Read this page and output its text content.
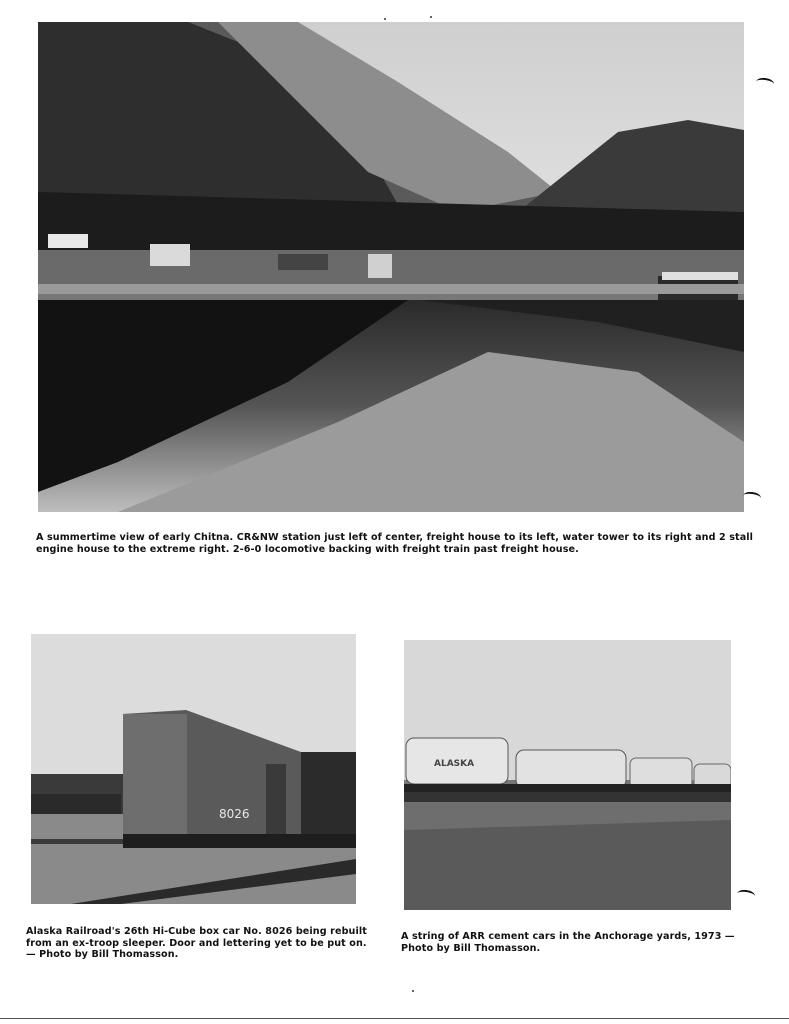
A summertime view of early Chitna. CR&NW station just left of center, freight house to its left, water tower to its right and 2 stall
engine house to the extreme right. 2-6-0 locomotive backing with freight train past freight house.
8026
Alaska Railroad's 26th Hi-Cube box car No. 8026 being rebuilt
from an ex-troop sleeper. Door and lettering yet to be put on.
— Photo by Bill Thomasson.
ALASKA
A string of ARR cement cars in the Anchorage yards, 1973 —
Photo by Bill Thomasson.
